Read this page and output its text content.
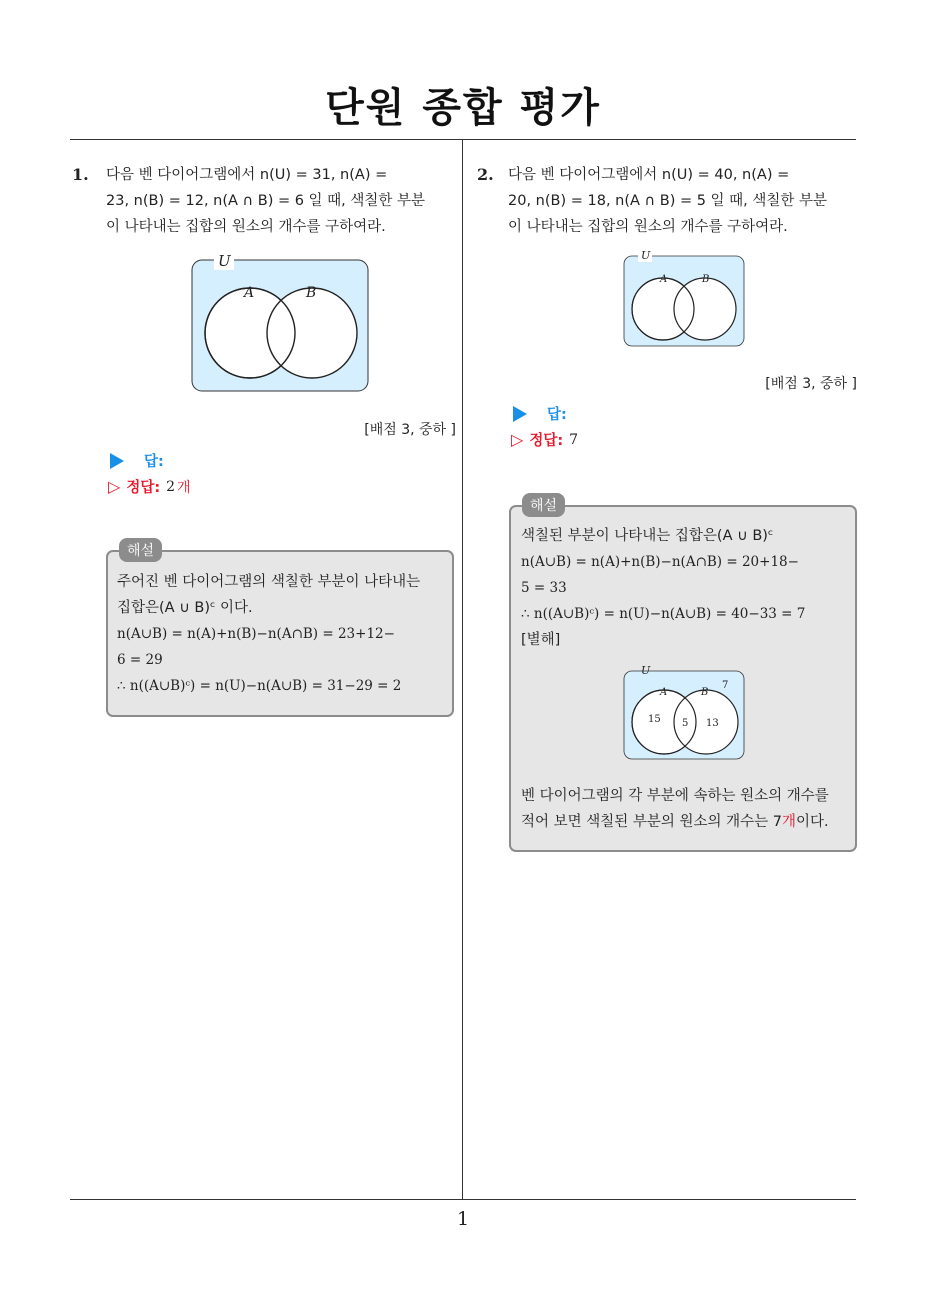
단원 종합 평가
1. 다음 벤 다이어그램에서 n(U) = 31, n(A) =
23, n(B) = 12, n(A ∩ B) = 6 일 때, 색칠한 부분
이 나타내는 집합의 원소의 개수를 구하여라.
U
A	B
[배점 3, 중하 ]
답:
▷ 정답: 2 개
해설
주어진 벤 다이어그램의 색칠한 부분이 나타내는
집합은(A ∪ B)ᶜ 이다.
n(A∪B) = n(A)+n(B)−n(A∩B) = 23+12−
6 = 29
∴ n((A∪B)ᶜ) = n(U)−n(A∪B) = 31−29 = 2
2. 다음 벤 다이어그램에서 n(U) = 40, n(A) =
20, n(B) = 18, n(A ∩ B) = 5 일 때, 색칠한 부분
이 나타내는 집합의 원소의 개수를 구하여라.
U
A	B
[배점 3, 중하 ]
답:
▷ 정답: 7
해설
색칠된 부분이 나타내는 집합은(A ∪ B)ᶜ
n(A∪B) = n(A)+n(B)−n(A∩B) = 20+18−
5 = 33
∴ n((A∪B)ᶜ) = n(U)−n(A∪B) = 40−33 = 7
[별해]
U
A	B
7
15 5 13
벤 다이어그램의 각 부분에 속하는 원소의 개수를
적어 보면 색칠된 부분의 원소의 개수는 7개이다.
1
